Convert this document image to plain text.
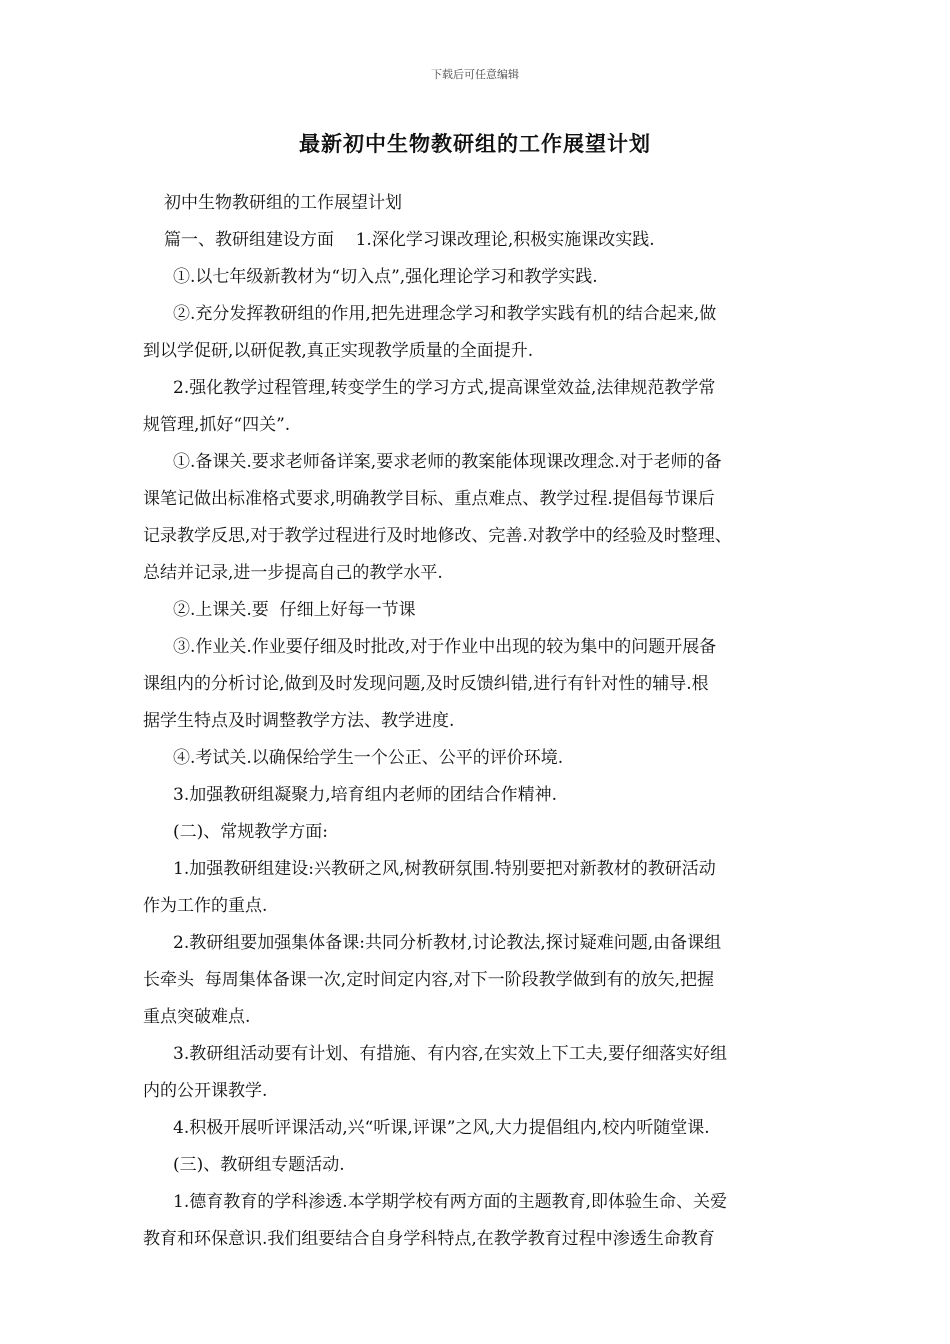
下载后可任意编辑
最新初中生物教研组的工作展望计划
初中生物教研组的工作展望计划
篇一、教研组建设方面    1.深化学习课改理论,积极实施课改实践.
①.以七年级新教材为“切入点”,强化理论学习和教学实践.
②.充分发挥教研组的作用,把先进理念学习和教学实践有机的结合起来,做
到以学促研,以研促教,真正实现教学质量的全面提升.
2.强化教学过程管理,转变学生的学习方式,提高课堂效益,法律规范教学常
规管理,抓好“四关”.
①.备课关.要求老师备详案,要求老师的教案能体现课改理念.对于老师的备
课笔记做出标准格式要求,明确教学目标、重点难点、教学过程.提倡每节课后
记录教学反思,对于教学过程进行及时地修改、完善.对教学中的经验及时整理、
总结并记录,进一步提高自己的教学水平.
②.上课关.要  仔细上好每一节课
③.作业关.作业要仔细及时批改,对于作业中出现的较为集中的问题开展备
课组内的分析讨论,做到及时发现问题,及时反馈纠错,进行有针对性的辅导.根
据学生特点及时调整教学方法、教学进度.
④.考试关.以确保给学生一个公正、公平的评价环境.
3.加强教研组凝聚力,培育组内老师的团结合作精神.
(二)、常规教学方面:
1.加强教研组建设:兴教研之风,树教研氛围.特别要把对新教材的教研活动
作为工作的重点.
2.教研组要加强集体备课:共同分析教材,讨论教法,探讨疑难问题,由备课组
长牵头  每周集体备课一次,定时间定内容,对下一阶段教学做到有的放矢,把握
重点突破难点.
3.教研组活动要有计划、有措施、有内容,在实效上下工夫,要仔细落实好组
内的公开课教学.
4.积极开展听评课活动,兴“听课,评课”之风,大力提倡组内,校内听随堂课.
(三)、教研组专题活动.
1.德育教育的学科渗透.本学期学校有两方面的主题教育,即体验生命、关爱
教育和环保意识.我们组要结合自身学科特点,在教学教育过程中渗透生命教育
